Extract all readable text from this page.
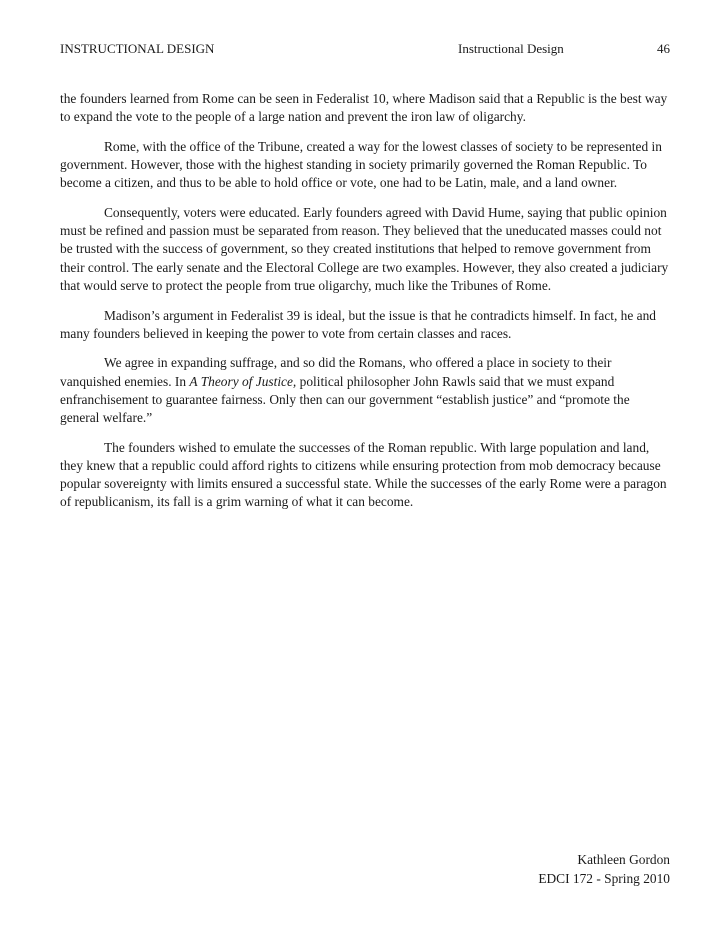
INSTRUCTIONAL DESIGN	Instructional Design	46

the founders learned from Rome can be seen in Federalist 10, where Madison said that a Republic is the best way to expand the vote to the people of a large nation and prevent the iron law of oligarchy.

Rome, with the office of the Tribune, created a way for the lowest classes of society to be represented in government. However, those with the highest standing in society primarily governed the Roman Republic. To become a citizen, and thus to be able to hold office or vote, one had to be Latin, male, and a land owner.

Consequently, voters were educated. Early founders agreed with David Hume, saying that public opinion must be refined and passion must be separated from reason. They believed that the uneducated masses could not be trusted with the success of government, so they created institutions that helped to remove government from their control. The early senate and the Electoral College are two examples. However, they also created a judiciary that would serve to protect the people from true oligarchy, much like the Tribunes of Rome.

Madison’s argument in Federalist 39 is ideal, but the issue is that he contradicts himself. In fact, he and many founders believed in keeping the power to vote from certain classes and races.

We agree in expanding suffrage, and so did the Romans, who offered a place in society to their vanquished enemies. In A Theory of Justice, political philosopher John Rawls said that we must expand enfranchisement to guarantee fairness. Only then can our government “establish justice” and “promote the general welfare.”

The founders wished to emulate the successes of the Roman republic. With large population and land, they knew that a republic could afford rights to citizens while ensuring protection from mob democracy because popular sovereignty with limits ensured a successful state. While the successes of the early Rome were a paragon of republicanism, its fall is a grim warning of what it can become.

Kathleen Gordon
EDCI 172 - Spring 2010
